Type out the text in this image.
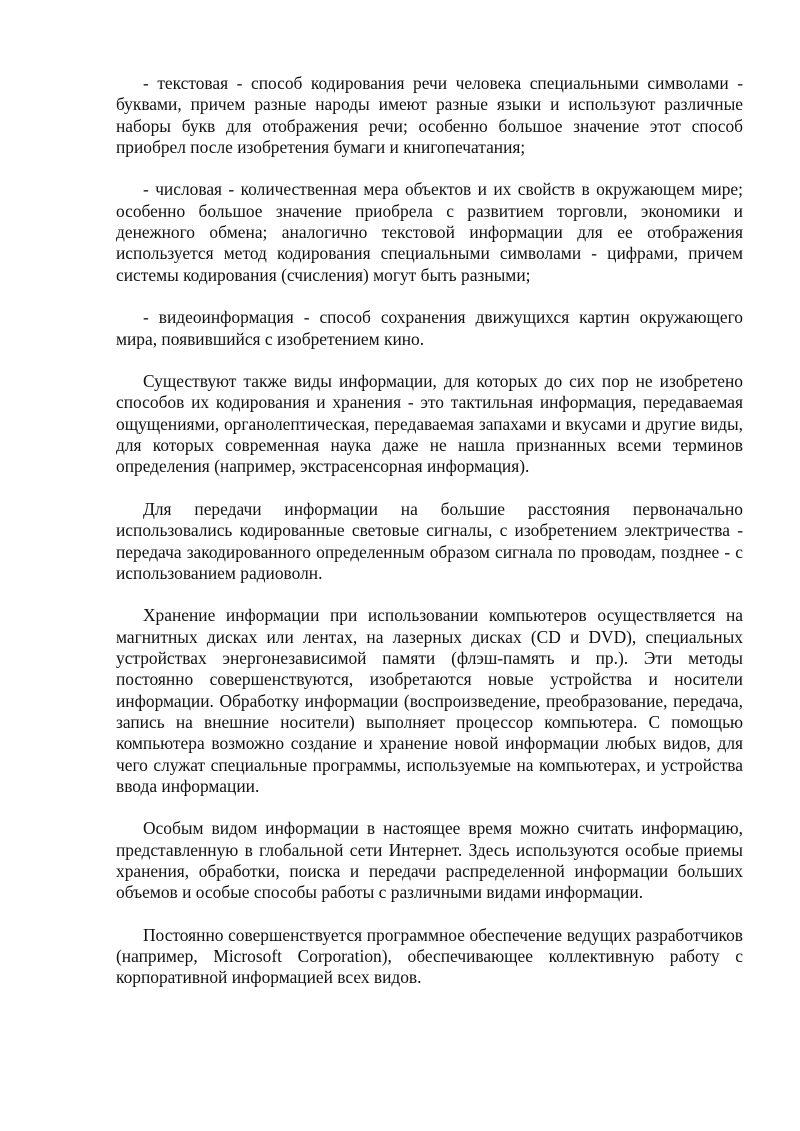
- текстовая - способ кодирования речи человека специальными символами - буквами, причем разные народы имеют разные языки и используют различные наборы букв для отображения речи; особенно большое значение этот способ приобрел после изобретения бумаги и книгопечатания;

- числовая - количественная мера объектов и их свойств в окружающем мире; особенно большое значение приобрела с развитием торговли, экономики и денежного обмена; аналогично текстовой информации для ее отображения используется метод кодирования специальными символами - цифрами, причем системы кодирования (счисления) могут быть разными;

- видеоинформация - способ сохранения движущихся картин окружающего мира, появившийся с изобретением кино.

Существуют также виды информации, для которых до сих пор не изобретено способов их кодирования и хранения - это тактильная информация, передаваемая ощущениями, органолептическая, передаваемая запахами и вкусами и другие виды, для которых современная наука даже не нашла признанных всеми терминов определения (например, экстрасенсорная информация).

Для передачи информации на большие расстояния первоначально использовались кодированные световые сигналы, с изобретением электричества - передача закодированного определенным образом сигнала по проводам, позднее - с использованием радиоволн.

Хранение информации при использовании компьютеров осуществляется на магнитных дисках или лентах, на лазерных дисках (CD и DVD), специальных устройствах энергонезависимой памяти (флэш-память и пр.). Эти методы постоянно совершенствуются, изобретаются новые устройства и носители информации. Обработку информации (воспроизведение, преобразование, передача, запись на внешние носители) выполняет процессор компьютера. С помощью компьютера возможно создание и хранение новой информации любых видов, для чего служат специальные программы, используемые на компьютерах, и устройства ввода информации.

Особым видом информации в настоящее время можно считать информацию, представленную в глобальной сети Интернет. Здесь используются особые приемы хранения, обработки, поиска и передачи распределенной информации больших объемов и особые способы работы с различными видами информации.

Постоянно совершенствуется программное обеспечение ведущих разработчиков (например, Microsoft Corporation), обеспечивающее коллективную работу с корпоративной информацией всех видов.
